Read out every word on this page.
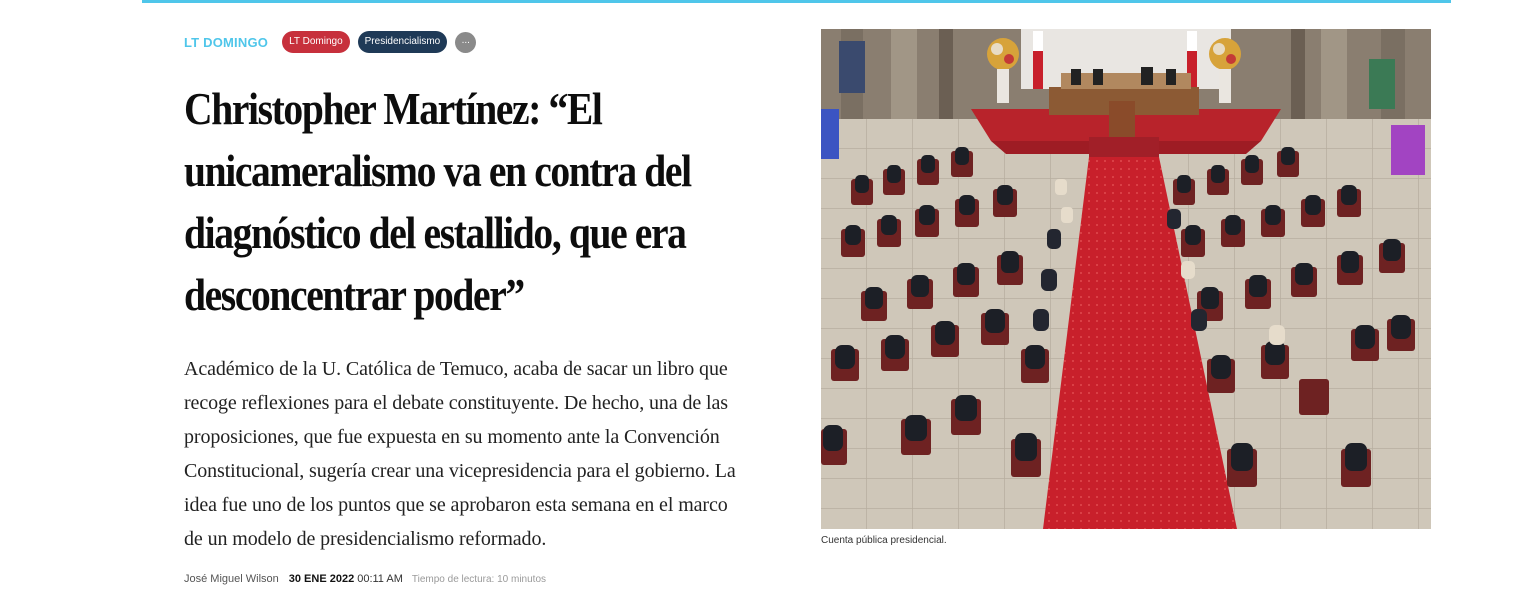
LT DOMINGO	LT Domingo	Presidencialismo	...
Christopher Martínez: “El unicameralismo va en contra del diagnóstico del estallido, que era desconcentrar poder”

Académico de la U. Católica de Temuco, acaba de sacar un libro que recoge reflexiones para el debate constituyente. De hecho, una de las proposiciones, que fue expuesta en su momento ante la Convención Constitucional, sugería crear una vicepresidencia para el gobierno. La idea fue uno de los puntos que se aprobaron esta semana en el marco de un modelo de presidencialismo reformado.

José Miguel Wilson 30 ENE 2022 00:11 AM Tiempo de lectura: 10 minutos
Cuenta pública presidencial.
